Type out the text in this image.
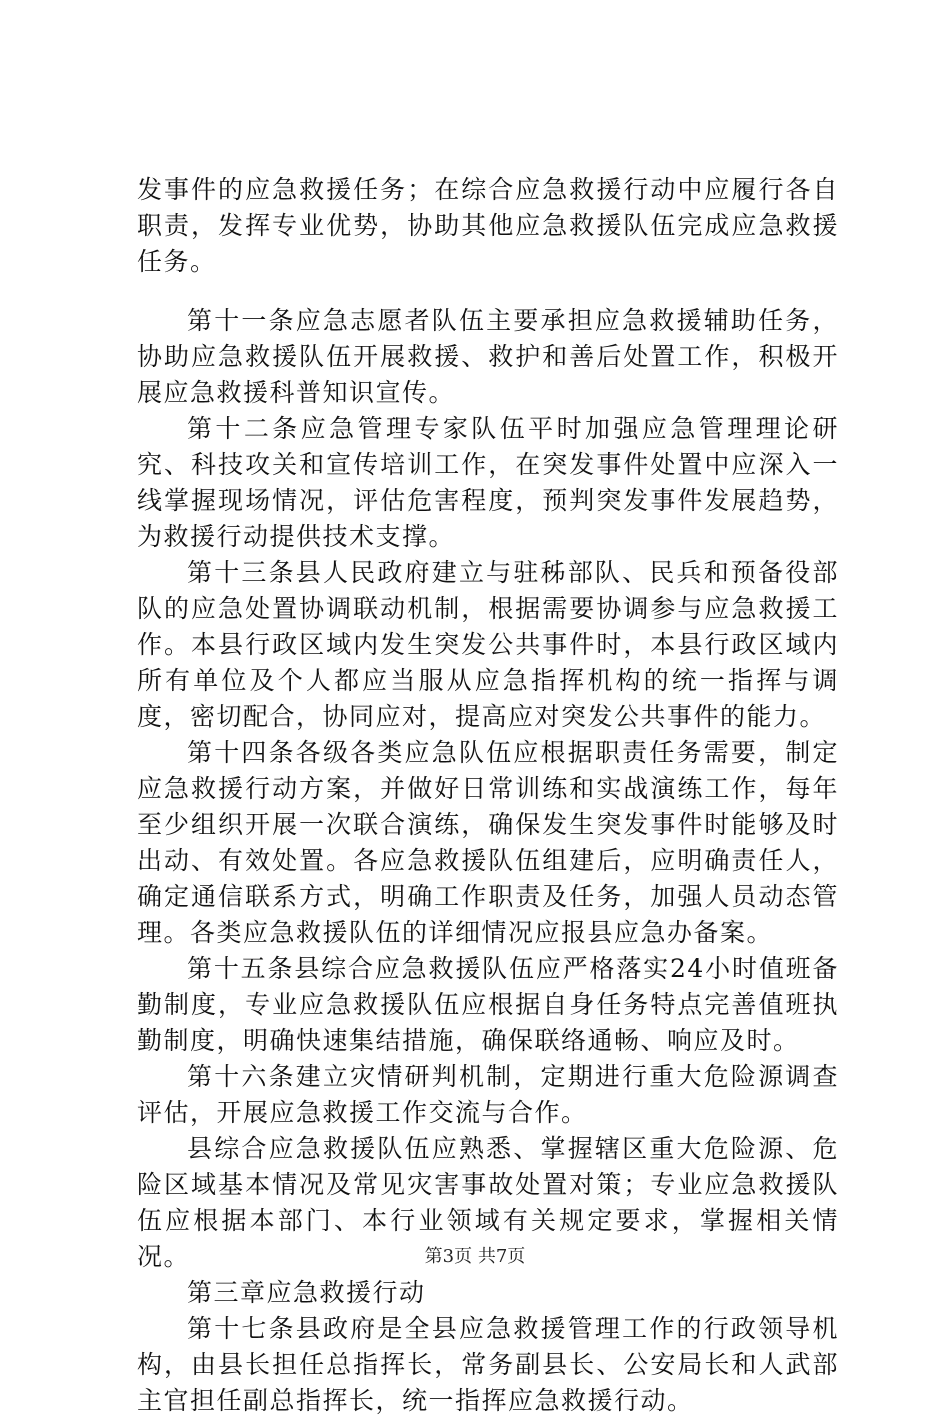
发事件的应急救援任务；在综合应急救援行动中应履行各自职责，发挥专业优势，协助其他应急救援队伍完成应急救援任务。

第十一条应急志愿者队伍主要承担应急救援辅助任务，协助应急救援队伍开展救援、救护和善后处置工作，积极开展应急救援科普知识宣传。

第十二条应急管理专家队伍平时加强应急管理理论研究、科技攻关和宣传培训工作，在突发事件处置中应深入一线掌握现场情况，评估危害程度，预判突发事件发展趋势，为救援行动提供技术支撑。

第十三条县人民政府建立与驻秭部队、民兵和预备役部队的应急处置协调联动机制，根据需要协调参与应急救援工作。本县行政区域内发生突发公共事件时，本县行政区域内所有单位及个人都应当服从应急指挥机构的统一指挥与调度，密切配合，协同应对，提高应对突发公共事件的能力。

第十四条各级各类应急队伍应根据职责任务需要，制定应急救援行动方案，并做好日常训练和实战演练工作，每年至少组织开展一次联合演练，确保发生突发事件时能够及时出动、有效处置。各应急救援队伍组建后，应明确责任人，确定通信联系方式，明确工作职责及任务，加强人员动态管理。各类应急救援队伍的详细情况应报县应急办备案。

第十五条县综合应急救援队伍应严格落实24小时值班备勤制度，专业应急救援队伍应根据自身任务特点完善值班执勤制度，明确快速集结措施，确保联络通畅、响应及时。

第十六条建立灾情研判机制，定期进行重大危险源调查评估，开展应急救援工作交流与合作。

县综合应急救援队伍应熟悉、掌握辖区重大危险源、危险区域基本情况及常见灾害事故处置对策；专业应急救援队伍应根据本部门、本行业领域有关规定要求，掌握相关情况。

第三章应急救援行动

第十七条县政府是全县应急救援管理工作的行政领导机构，由县长担任总指挥长，常务副县长、公安局长和人武部主官担任副总指挥长，统一指挥应急救援行动。

第3页 共7页
